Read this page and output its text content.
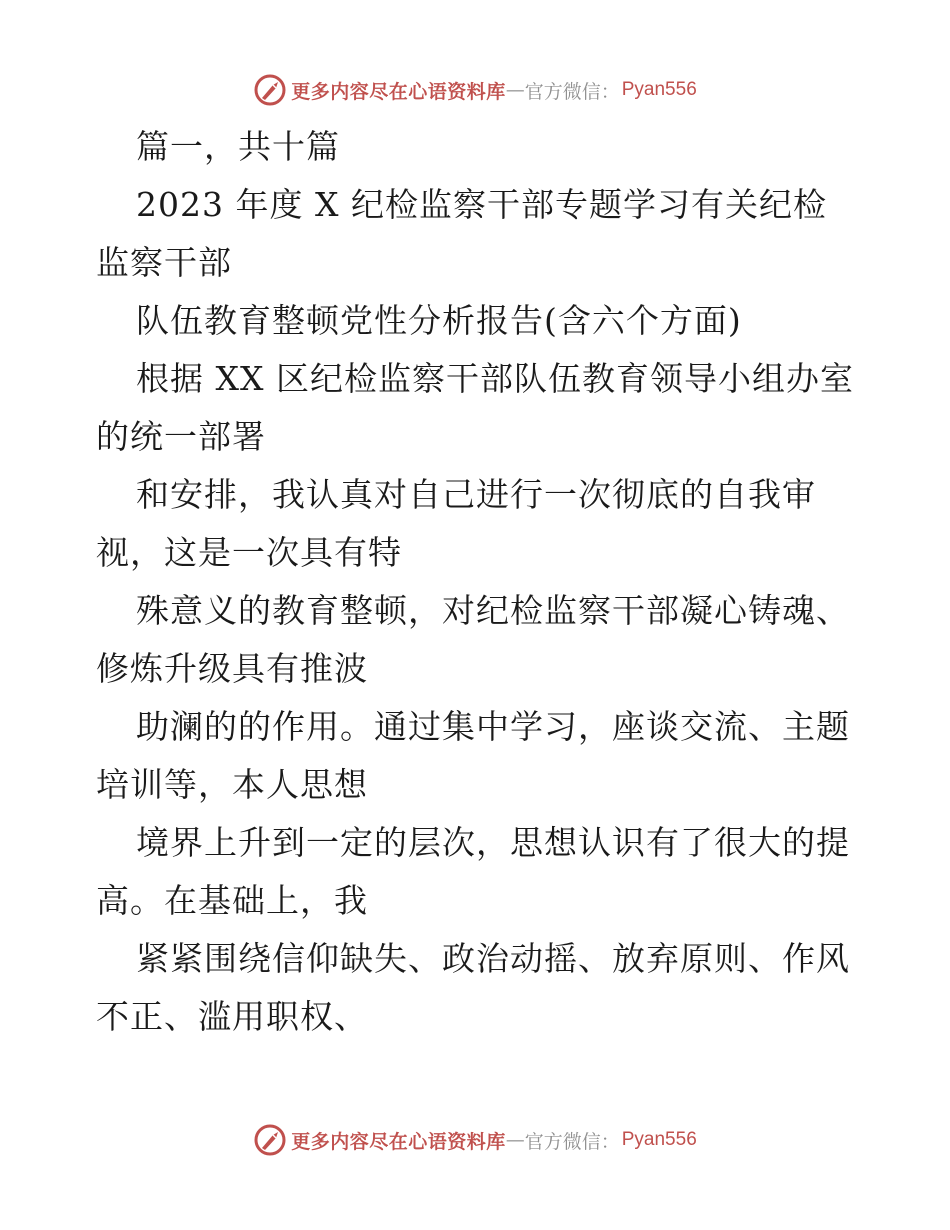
更多内容尽在心语资料库 — 官方微信： Pyan556

篇一，共十篇

2023 年度 X 纪检监察干部专题学习有关纪检监察干部

队伍教育整顿党性分析报告(含六个方面)

根据 XX 区纪检监察干部队伍教育领导小组办室的统一部署

和安排，我认真对自己进行一次彻底的自我审视，这是一次具有特

殊意义的教育整顿，对纪检监察干部凝心铸魂、修炼升级具有推波

助澜的的作用。通过集中学习，座谈交流、主题培训等，本人思想

境界上升到一定的层次，思想认识有了很大的提高。在基础上，我

紧紧围绕信仰缺失、政治动摇、放弃原则、作风不正、滥用职权、

更多内容尽在心语资料库 — 官方微信： Pyan556
